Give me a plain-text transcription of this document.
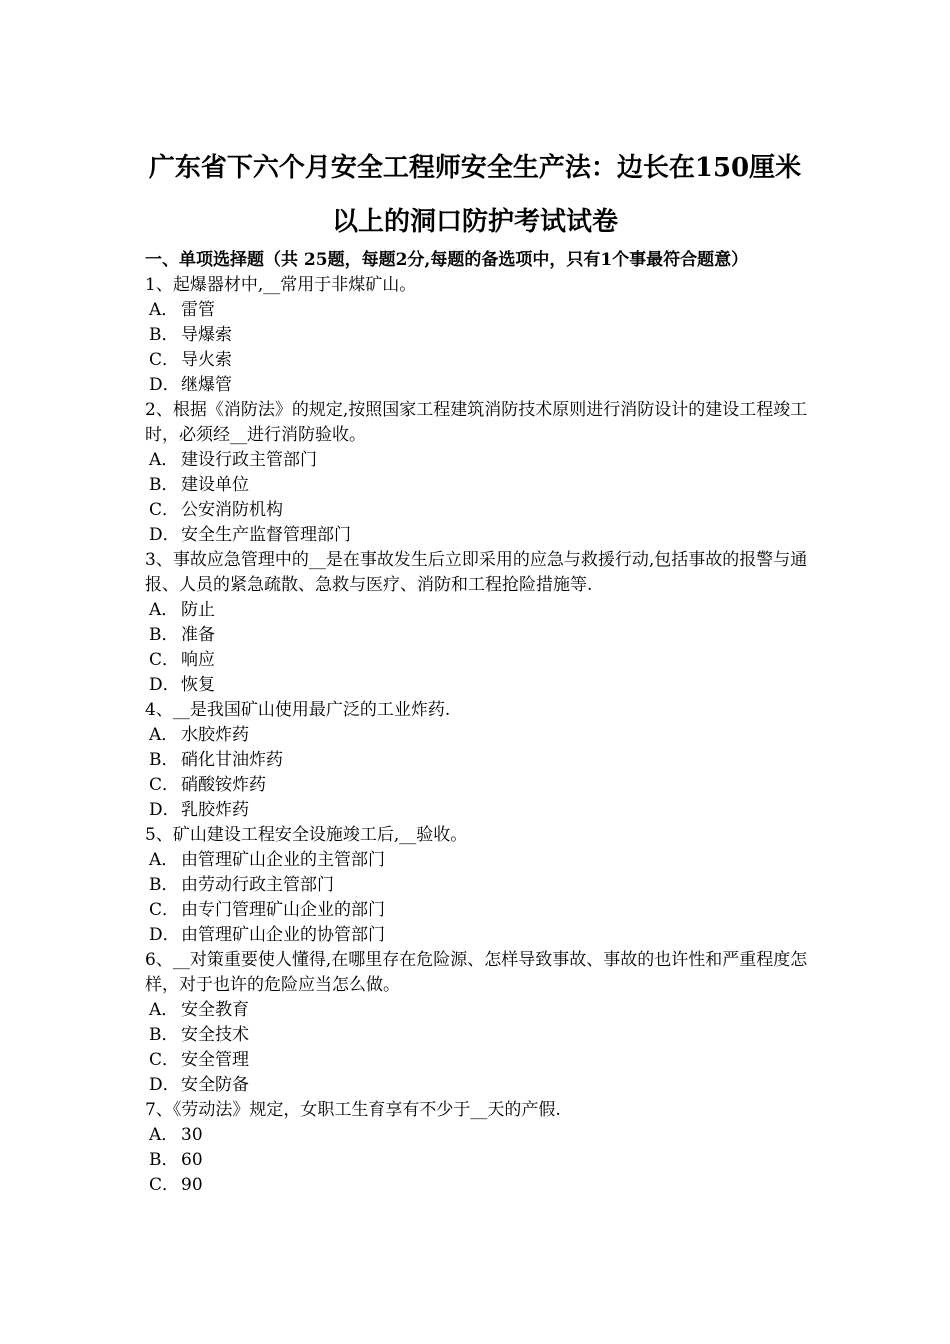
广东省下六个月安全工程师安全生产法：边长在150厘米
以上的洞口防护考试试卷

一、单项选择题（共 25题，每题2分,每题的备选项中，只有1个事最符合题意）

1、起爆器材中,__常用于非煤矿山。

A． 雷管

B． 导爆索

C． 导火索

D．继爆管

2、根据《消防法》的规定,按照国家工程建筑消防技术原则进行消防设计的建设工程竣工时，必须经__进行消防验收。

A． 建设行政主管部门

B． 建设单位

C． 公安消防机构

D．安全生产监督管理部门

3、事故应急管理中的__是在事故发生后立即采用的应急与救援行动,包括事故的报警与通报、人员的紧急疏散、急救与医疗、消防和工程抢险措施等.

A． 防止

B． 准备

C． 响应

D．恢复

4、__是我国矿山使用最广泛的工业炸药.

A． 水胶炸药

B． 硝化甘油炸药

C． 硝酸铵炸药

D．乳胶炸药

5、矿山建设工程安全设施竣工后,__验收。

A． 由管理矿山企业的主管部门

B． 由劳动行政主管部门

C． 由专门管理矿山企业的部门

D．由管理矿山企业的协管部门

6、__对策重要使人懂得,在哪里存在危险源、怎样导致事故、事故的也许性和严重程度怎样，对于也许的危险应当怎么做。

A． 安全教育

B． 安全技术

C． 安全管理

D．安全防备

7、《劳动法》规定，女职工生育享有不少于__天的产假.

A． 30

B． 60

C． 90
